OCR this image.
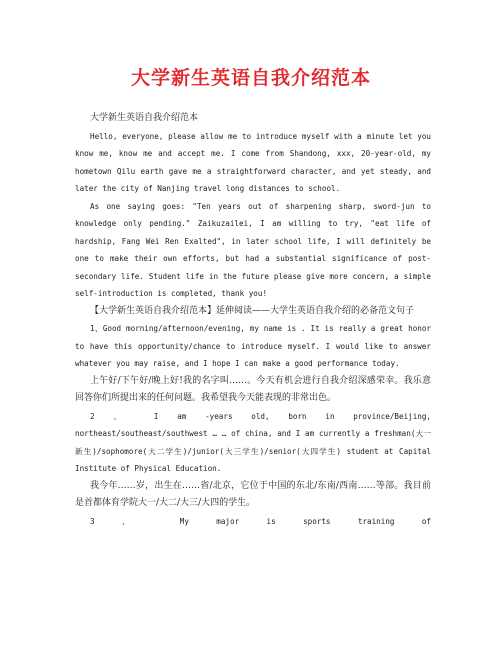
大学新生英语自我介绍范本

大学新生英语自我介绍范本

Hello, everyone, please allow me to introduce myself with a minute let you know me, know me and accept me. I come from Shandong, xxx, 20-year-old, my hometown Qilu earth gave me a straightforward character, and yet steady, and later the city of Nanjing travel long distances to school.

As one saying goes: "Ten years out of sharpening sharp, sword-jun to knowledge only pending." Zaikuzailei, I am willing to try, "eat life of hardship, Fang Wei Ren Exalted", in later school life, I will definitely be one to make their own efforts, but had a substantial significance of post-secondary life. Student life in the future please give more concern, a simple self-introduction is completed, thank you!

【大学新生英语自我介绍范本】延伸阅读——大学生英语自我介绍的必备范文句子

1、Good morning/afternoon/evening, my name is . It is really a great honor to have this opportunity/chance to introduce myself. I would like to answer whatever you may raise, and I hope I can make a good performance today.

上午好/下午好/晚上好!我的名字叫……。今天有机会进行自我介绍深感荣幸。我乐意回答你们所提出来的任何问题。我希望我今天能表现的非常出色。

2 、 I am -years old, born in province/Beijing, northeast/southeast/southwest … … of china, and I am currently a freshman(大一新生)/sophomore(大二学生)/junior(大三学生)/senior(大四学生) student at Capital Institute of Physical Education.

我今年……岁，出生在……省/北京，它位于中国的东北/东南/西南……等部。我目前是首都体育学院大一/大二/大三/大四的学生。

3 、 My major is sports training of
